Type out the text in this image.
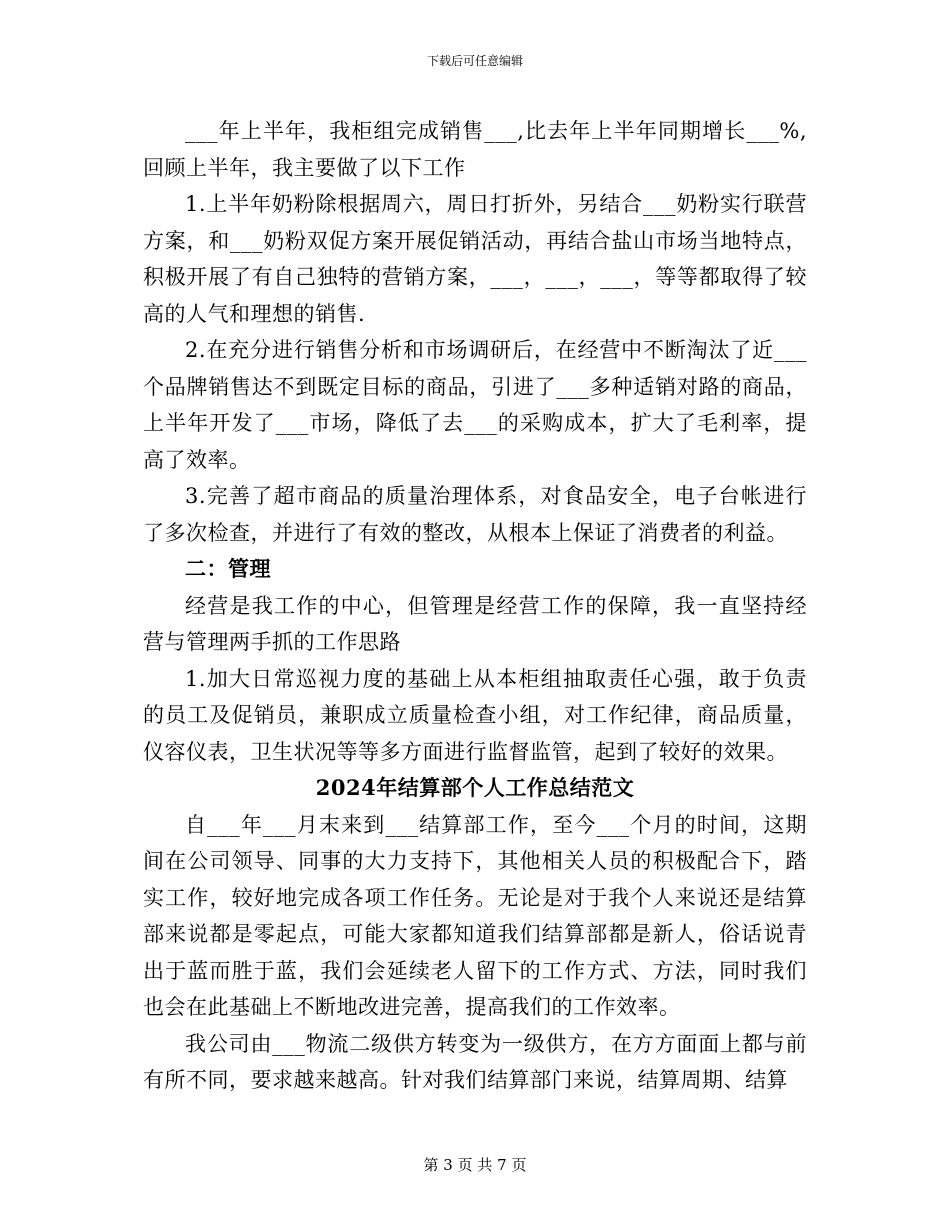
下载后可任意编辑

___年上半年，我柜组完成销售___,比去年上半年同期增长___%,回顾上半年，我主要做了以下工作

1.上半年奶粉除根据周六，周日打折外，另结合___奶粉实行联营方案，和___奶粉双促方案开展促销活动，再结合盐山市场当地特点，积极开展了有自己独特的营销方案，___，___，___，等等都取得了较高的人气和理想的销售.

2.在充分进行销售分析和市场调研后，在经营中不断淘汰了近___个品牌销售达不到既定目标的商品，引进了___多种适销对路的商品，上半年开发了___市场，降低了去___的采购成本，扩大了毛利率，提高了效率。

3.完善了超市商品的质量治理体系，对食品安全，电子台帐进行了多次检查，并进行了有效的整改，从根本上保证了消费者的利益。

二：管理

经营是我工作的中心，但管理是经营工作的保障，我一直坚持经营与管理两手抓的工作思路

1.加大日常巡视力度的基础上从本柜组抽取责任心强，敢于负责的员工及促销员，兼职成立质量检查小组，对工作纪律，商品质量，仪容仪表，卫生状况等等多方面进行监督监管，起到了较好的效果。

2024年结算部个人工作总结范文

自___年___月末来到___结算部工作，至今___个月的时间，这期间在公司领导、同事的大力支持下，其他相关人员的积极配合下，踏实工作，较好地完成各项工作任务。无论是对于我个人来说还是结算部来说都是零起点，可能大家都知道我们结算部都是新人，俗话说青出于蓝而胜于蓝，我们会延续老人留下的工作方式、方法，同时我们也会在此基础上不断地改进完善，提高我们的工作效率。

我公司由___物流二级供方转变为一级供方，在方方面面上都与前有所不同，要求越来越高。针对我们结算部门来说，结算周期、结算

第 3 页 共 7 页
